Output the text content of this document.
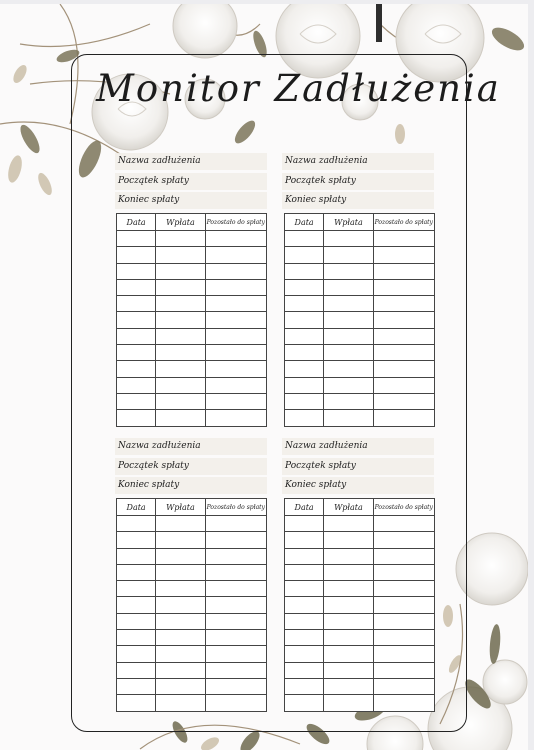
Monitor Zadłużenia
Nazwa zadłużenia
Początek spłaty
Koniec spłaty
Data	Wpłata	Pozostało do spłaty

Nazwa zadłużenia
Początek spłaty
Koniec spłaty
Data	Wpłata	Pozostało do spłaty

Nazwa zadłużenia
Początek spłaty
Koniec spłaty
Data	Wpłata	Pozostało do spłaty

Nazwa zadłużenia
Początek spłaty
Koniec spłaty
Data	Wpłata	Pozostało do spłaty
